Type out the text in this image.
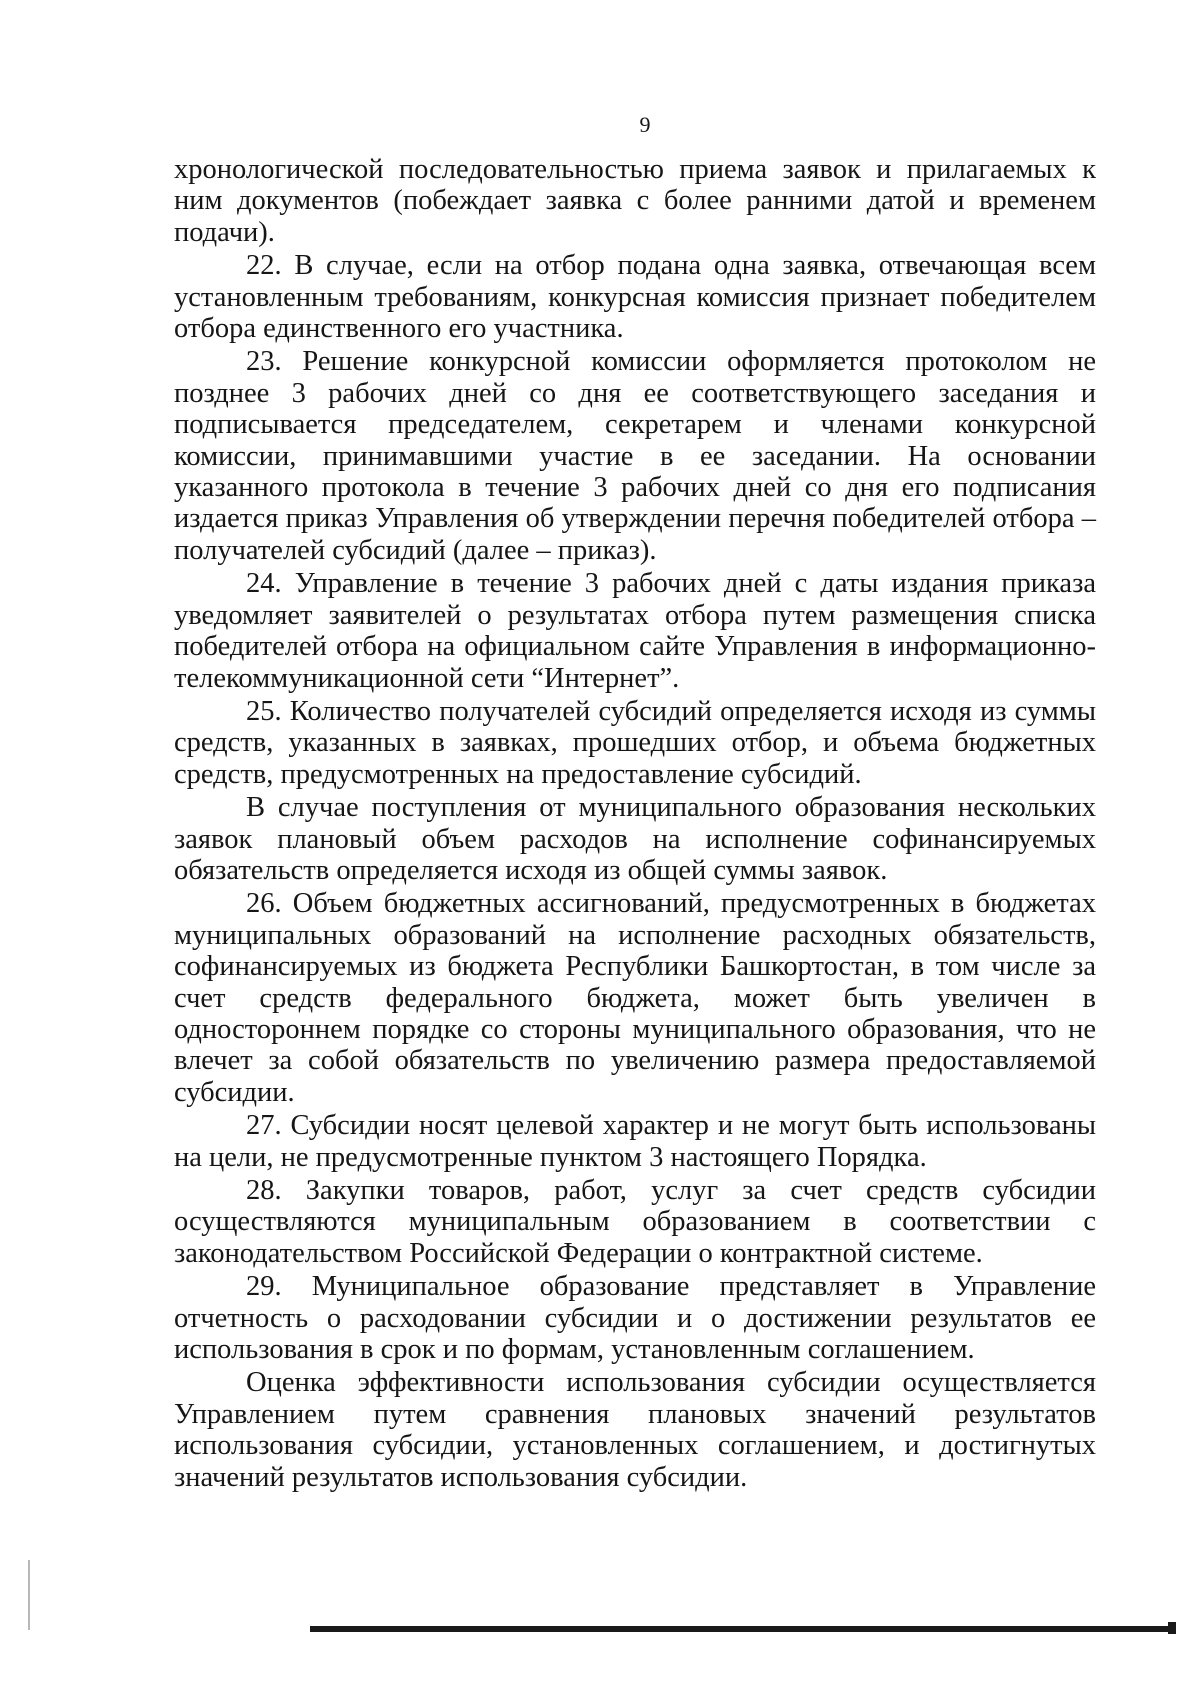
9

хронологической последовательностью приема заявок и прилагаемых к ним документов (побеждает заявка с более ранними датой и временем подачи).

22. В случае, если на отбор подана одна заявка, отвечающая всем установленным требованиям, конкурсная комиссия признает победителем отбора единственного его участника.

23. Решение конкурсной комиссии оформляется протоколом не позднее 3 рабочих дней со дня ее соответствующего заседания и подписывается председателем, секретарем и членами конкурсной комиссии, принимавшими участие в ее заседании. На основании указанного протокола в течение 3 рабочих дней со дня его подписания издается приказ Управления об утверждении перечня победителей отбора – получателей субсидий (далее – приказ).

24. Управление в течение 3 рабочих дней с даты издания приказа уведомляет заявителей о результатах отбора путем размещения списка победителей отбора на официальном сайте Управления в информационно-телекоммуникационной сети “Интернет”.

25. Количество получателей субсидий определяется исходя из суммы средств, указанных в заявках, прошедших отбор, и объема бюджетных средств, предусмотренных на предоставление субсидий.

В случае поступления от муниципального образования нескольких заявок плановый объем расходов на исполнение софинансируемых обязательств определяется исходя из общей суммы заявок.

26. Объем бюджетных ассигнований, предусмотренных в бюджетах муниципальных образований на исполнение расходных обязательств, софинансируемых из бюджета Республики Башкортостан, в том числе за счет средств федерального бюджета, может быть увеличен в одностороннем порядке со стороны муниципального образования, что не влечет за собой обязательств по увеличению размера предоставляемой субсидии.

27. Субсидии носят целевой характер и не могут быть использованы на цели, не предусмотренные пунктом 3 настоящего Порядка.

28. Закупки товаров, работ, услуг за счет средств субсидии осуществляются муниципальным образованием в соответствии с законодательством Российской Федерации о контрактной системе.

29. Муниципальное образование представляет в Управление отчетность о расходовании субсидии и о достижении результатов ее использования в срок и по формам, установленным соглашением.

Оценка эффективности использования субсидии осуществляется Управлением путем сравнения плановых значений результатов использования субсидии, установленных соглашением, и достигнутых значений результатов использования субсидии.
